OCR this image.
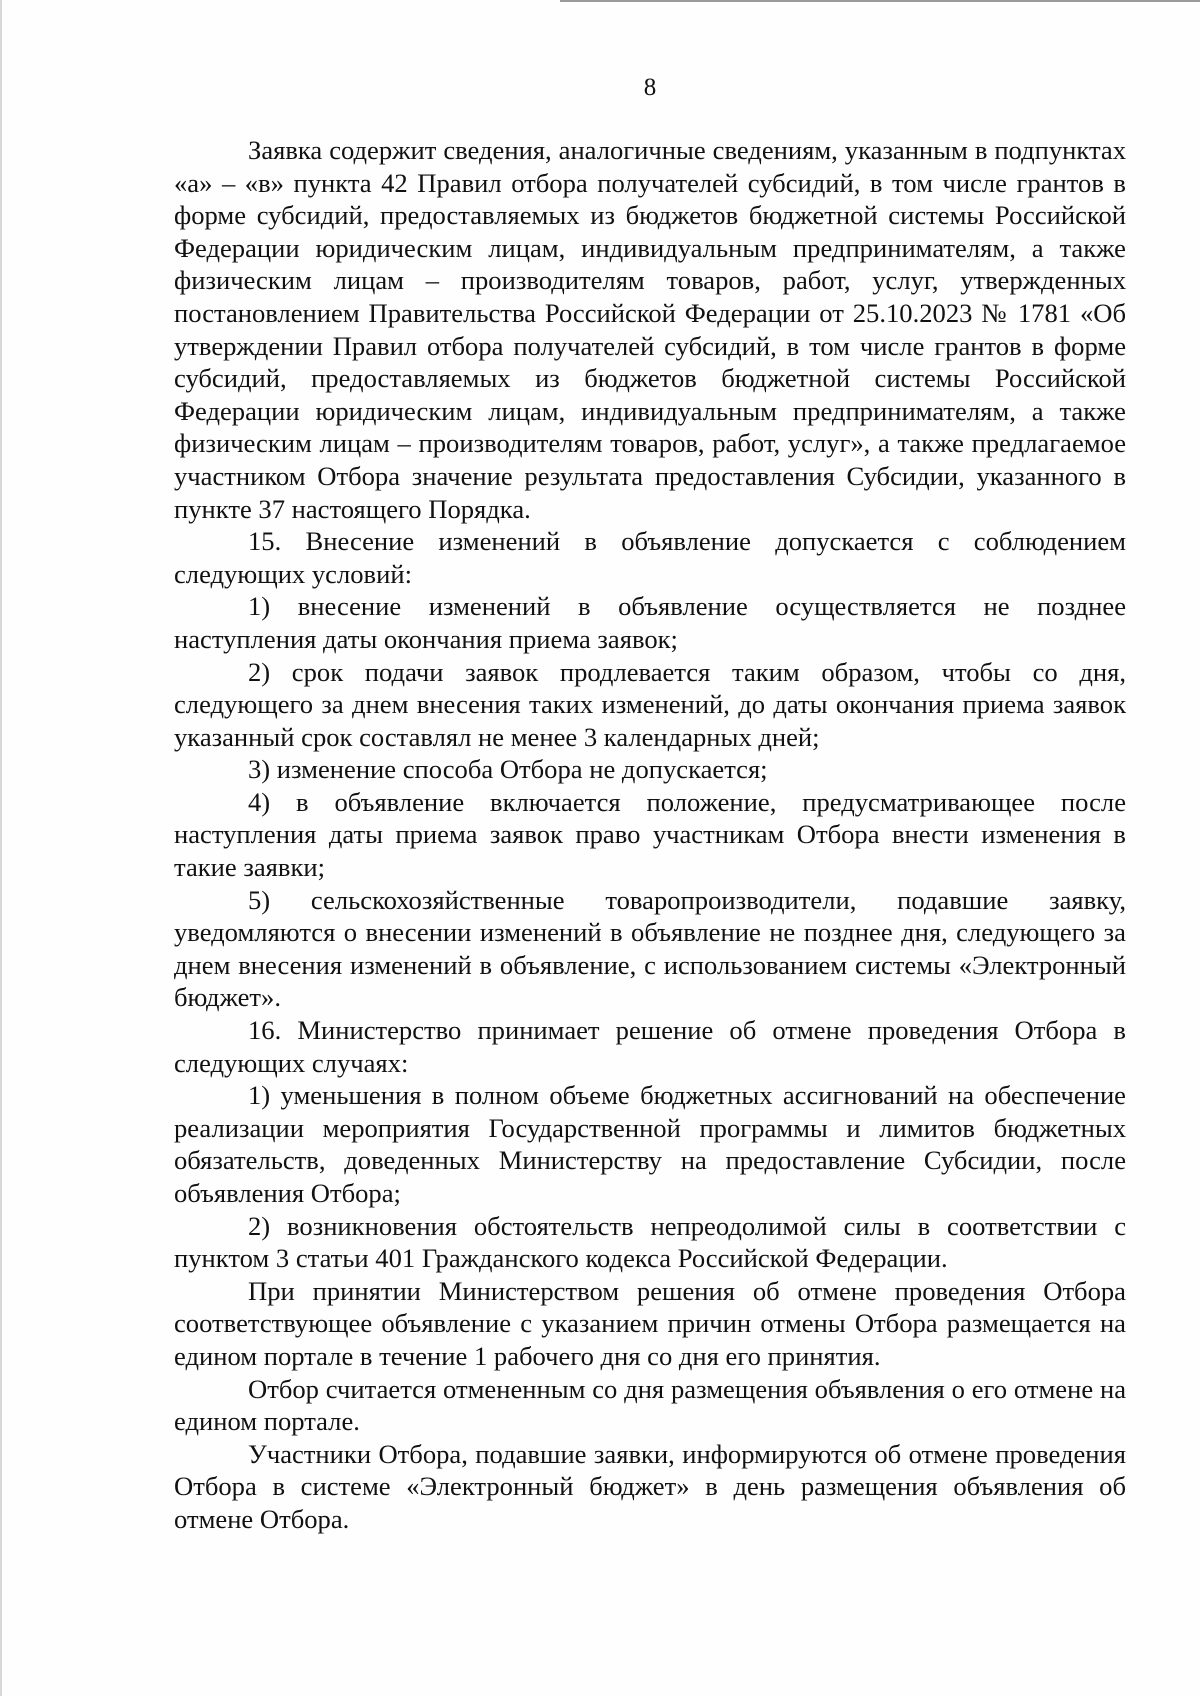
8

Заявка содержит сведения, аналогичные сведениям, указанным в подпунктах «а» – «в» пункта 42 Правил отбора получателей субсидий, в том числе грантов в форме субсидий, предоставляемых из бюджетов бюджетной системы Российской Федерации юридическим лицам, индивидуальным предпринимателям, а также физическим лицам – производителям товаров, работ, услуг, утвержденных постановлением Правительства Российской Федерации от 25.10.2023 № 1781 «Об утверждении Правил отбора получателей субсидий, в том числе грантов в форме субсидий, предоставляемых из бюджетов бюджетной системы Российской Федерации юридическим лицам, индивидуальным предпринимателям, а также физическим лицам – производителям товаров, работ, услуг», а также предлагаемое участником Отбора значение результата предоставления Субсидии, указанного в пункте 37 настоящего Порядка.

15. Внесение изменений в объявление допускается с соблюдением следующих условий:

1) внесение изменений в объявление осуществляется не позднее наступления даты окончания приема заявок;

2) срок подачи заявок продлевается таким образом, чтобы со дня, следующего за днем внесения таких изменений, до даты окончания приема заявок указанный срок составлял не менее 3 календарных дней;

3) изменение способа Отбора не допускается;

4) в объявление включается положение, предусматривающее после наступления даты приема заявок право участникам Отбора внести изменения в такие заявки;

5) сельскохозяйственные товаропроизводители, подавшие заявку, уведомляются о внесении изменений в объявление не позднее дня, следующего за днем внесения изменений в объявление, с использованием системы «Электронный бюджет».

16. Министерство принимает решение об отмене проведения Отбора в следующих случаях:

1) уменьшения в полном объеме бюджетных ассигнований на обеспечение реализации мероприятия Государственной программы и лимитов бюджетных обязательств, доведенных Министерству на предоставление Субсидии, после объявления Отбора;

2) возникновения обстоятельств непреодолимой силы в соответствии с пунктом 3 статьи 401 Гражданского кодекса Российской Федерации.

При принятии Министерством решения об отмене проведения Отбора соответствующее объявление с указанием причин отмены Отбора размещается на едином портале в течение 1 рабочего дня со дня его принятия.

Отбор считается отмененным со дня размещения объявления о его отмене на едином портале.

Участники Отбора, подавшие заявки, информируются об отмене проведения Отбора в системе «Электронный бюджет» в день размещения объявления об отмене Отбора.
